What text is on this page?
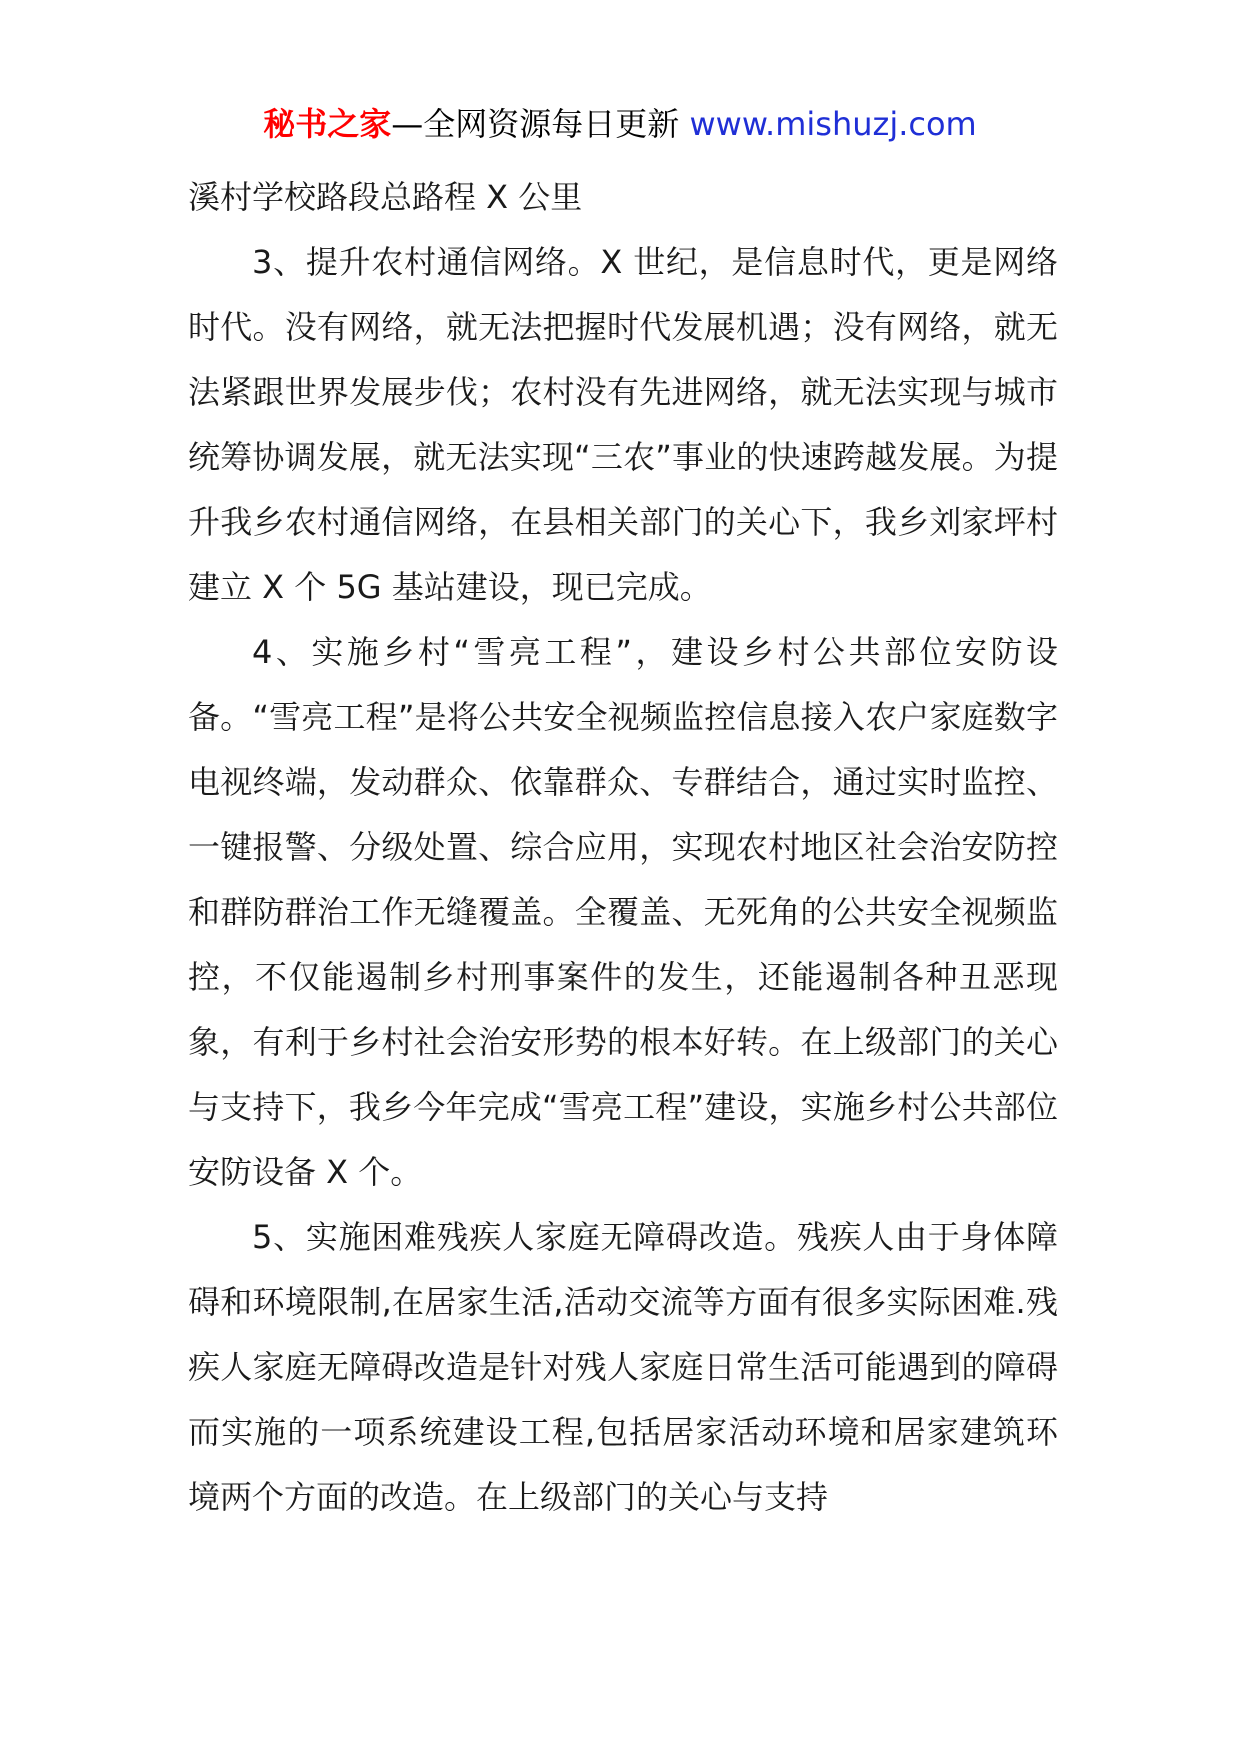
秘书之家—全网资源每日更新 www.mishuzj.com

溪村学校路段总路程 X 公里

3、提升农村通信网络。X 世纪，是信息时代，更是网络时代。没有网络，就无法把握时代发展机遇；没有网络，就无法紧跟世界发展步伐；农村没有先进网络，就无法实现与城市统筹协调发展，就无法实现“三农”事业的快速跨越发展。为提升我乡农村通信网络，在县相关部门的关心下，我乡刘家坪村建立 X 个 5G 基站建设，现已完成。

4、实施乡村“雪亮工程”，建设乡村公共部位安防设备。“雪亮工程”是将公共安全视频监控信息接入农户家庭数字电视终端，发动群众、依靠群众、专群结合，通过实时监控、一键报警、分级处置、综合应用，实现农村地区社会治安防控和群防群治工作无缝覆盖。全覆盖、无死角的公共安全视频监控，不仅能遏制乡村刑事案件的发生，还能遏制各种丑恶现象，有利于乡村社会治安形势的根本好转。在上级部门的关心与支持下，我乡今年完成“雪亮工程”建设，实施乡村公共部位安防设备 X 个。

5、实施困难残疾人家庭无障碍改造。残疾人由于身体障碍和环境限制,在居家生活,活动交流等方面有很多实际困难.残疾人家庭无障碍改造是针对残人家庭日常生活可能遇到的障碍而实施的一项系统建设工程,包括居家活动环境和居家建筑环境两个方面的改造。在上级部门的关心与支持
